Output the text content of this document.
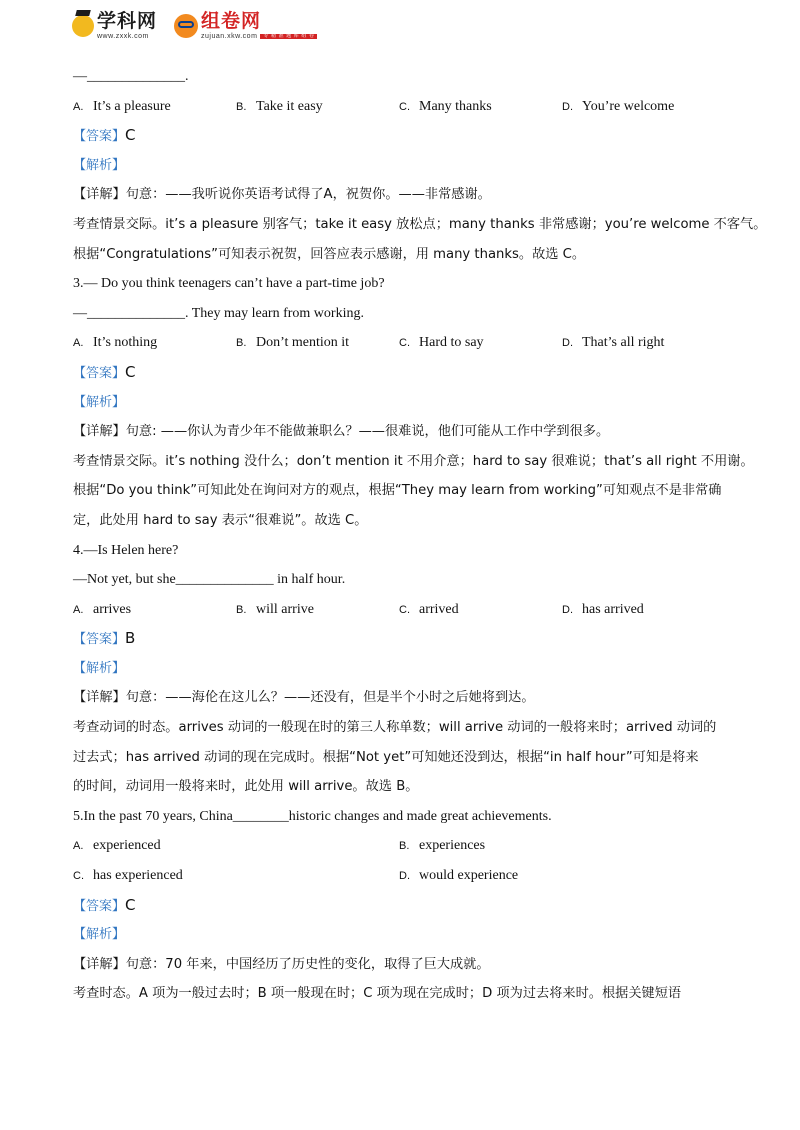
学科网
www.zxxk.com
组卷网
zujuan.xkw.com 专 精 准 题 库 组 卷
—______________.
A. It’s a pleasure	B. Take it easy	C. Many thanks	D. You’re welcome
【答案】C
【解析】
【详解】句意：——我听说你英语考试得了A，祝贺你。——非常感谢。
考查情景交际。it’s a pleasure 别客气；take it easy 放松点；many thanks 非常感谢；you’re welcome 不客气。
根据“Congratulations”可知表示祝贺，回答应表示感谢，用 many thanks。故选 C。
3.— Do you think teenagers can’t have a part-time job?
—______________. They may learn from working.
A. It’s nothing	B. Don’t mention it	C. Hard to say	D. That’s all right
【答案】C
【解析】
【详解】句意: ——你认为青少年不能做兼职么？——很难说，他们可能从工作中学到很多。
考查情景交际。it’s nothing 没什么；don’t mention it 不用介意；hard to say 很难说；that’s all right 不用谢。
根据“Do you think”可知此处在询问对方的观点，根据“They may learn from working”可知观点不是非常确
定，此处用 hard to say 表示“很难说”。故选 C。
4.—Is Helen here?
—Not yet, but she______________ in half hour.
A. arrives	B. will arrive	C. arrived	D. has arrived
【答案】B
【解析】
【详解】句意：——海伦在这儿么？——还没有，但是半个小时之后她将到达。
考查动词的时态。arrives 动词的一般现在时的第三人称单数；will arrive 动词的一般将来时；arrived 动词的
过去式；has arrived 动词的现在完成时。根据“Not yet”可知她还没到达，根据“in half hour”可知是将来
的时间，动词用一般将来时，此处用 will arrive。故选 B。
5.In the past 70 years, China________historic changes and made great achievements.
A. experienced	B. experiences
C. has experienced	D. would experience
【答案】C
【解析】
【详解】句意：70 年来，中国经历了历史性的变化，取得了巨大成就。
考查时态。A 项为一般过去时；B 项一般现在时；C 项为现在完成时；D 项为过去将来时。根据关键短语
